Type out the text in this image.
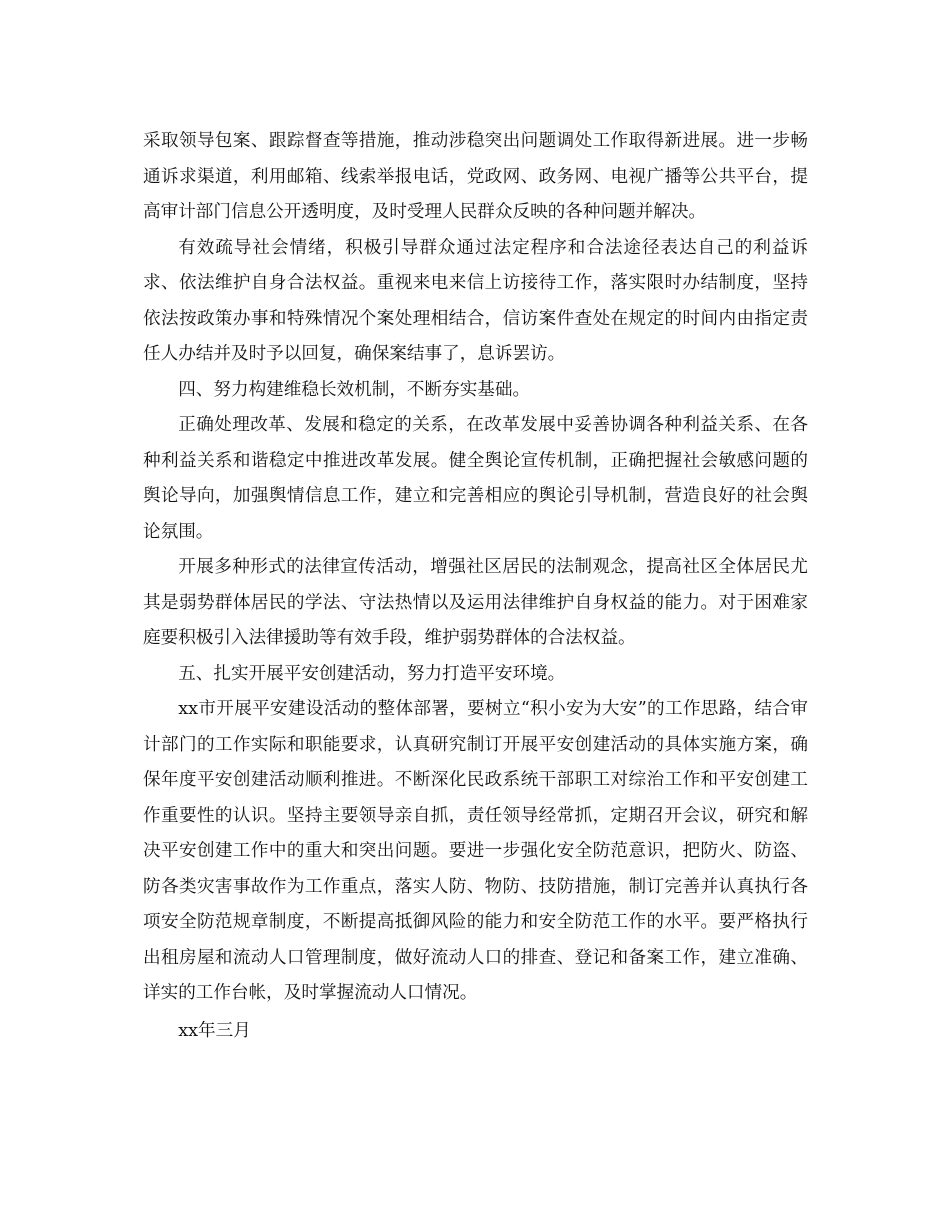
采取领导包案、跟踪督查等措施，推动涉稳突出问题调处工作取得新进展。进一步畅通诉求渠道，利用邮箱、线索举报电话，党政网、政务网、电视广播等公共平台，提高审计部门信息公开透明度，及时受理人民群众反映的各种问题并解决。

有效疏导社会情绪，积极引导群众通过法定程序和合法途径表达自己的利益诉求、依法维护自身合法权益。重视来电来信上访接待工作，落实限时办结制度，坚持依法按政策办事和特殊情况个案处理相结合，信访案件查处在规定的时间内由指定责任人办结并及时予以回复，确保案结事了，息诉罢访。

四、努力构建维稳长效机制，不断夯实基础。

正确处理改革、发展和稳定的关系，在改革发展中妥善协调各种利益关系、在各种利益关系和谐稳定中推进改革发展。健全舆论宣传机制，正确把握社会敏感问题的舆论导向，加强舆情信息工作，建立和完善相应的舆论引导机制，营造良好的社会舆论氛围。

开展多种形式的法律宣传活动，增强社区居民的法制观念，提高社区全体居民尤其是弱势群体居民的学法、守法热情以及运用法律维护自身权益的能力。对于困难家庭要积极引入法律援助等有效手段，维护弱势群体的合法权益。

五、扎实开展平安创建活动，努力打造平安环境。

xx市开展平安建设活动的整体部署，要树立“积小安为大安”的工作思路，结合审计部门的工作实际和职能要求，认真研究制订开展平安创建活动的具体实施方案，确保年度平安创建活动顺利推进。不断深化民政系统干部职工对综治工作和平安创建工作重要性的认识。坚持主要领导亲自抓，责任领导经常抓，定期召开会议，研究和解决平安创建工作中的重大和突出问题。要进一步强化安全防范意识，把防火、防盗、防各类灾害事故作为工作重点，落实人防、物防、技防措施，制订完善并认真执行各项安全防范规章制度，不断提高抵御风险的能力和安全防范工作的水平。要严格执行出租房屋和流动人口管理制度，做好流动人口的排查、登记和备案工作，建立准确、详实的工作台帐，及时掌握流动人口情况。

xx年三月
